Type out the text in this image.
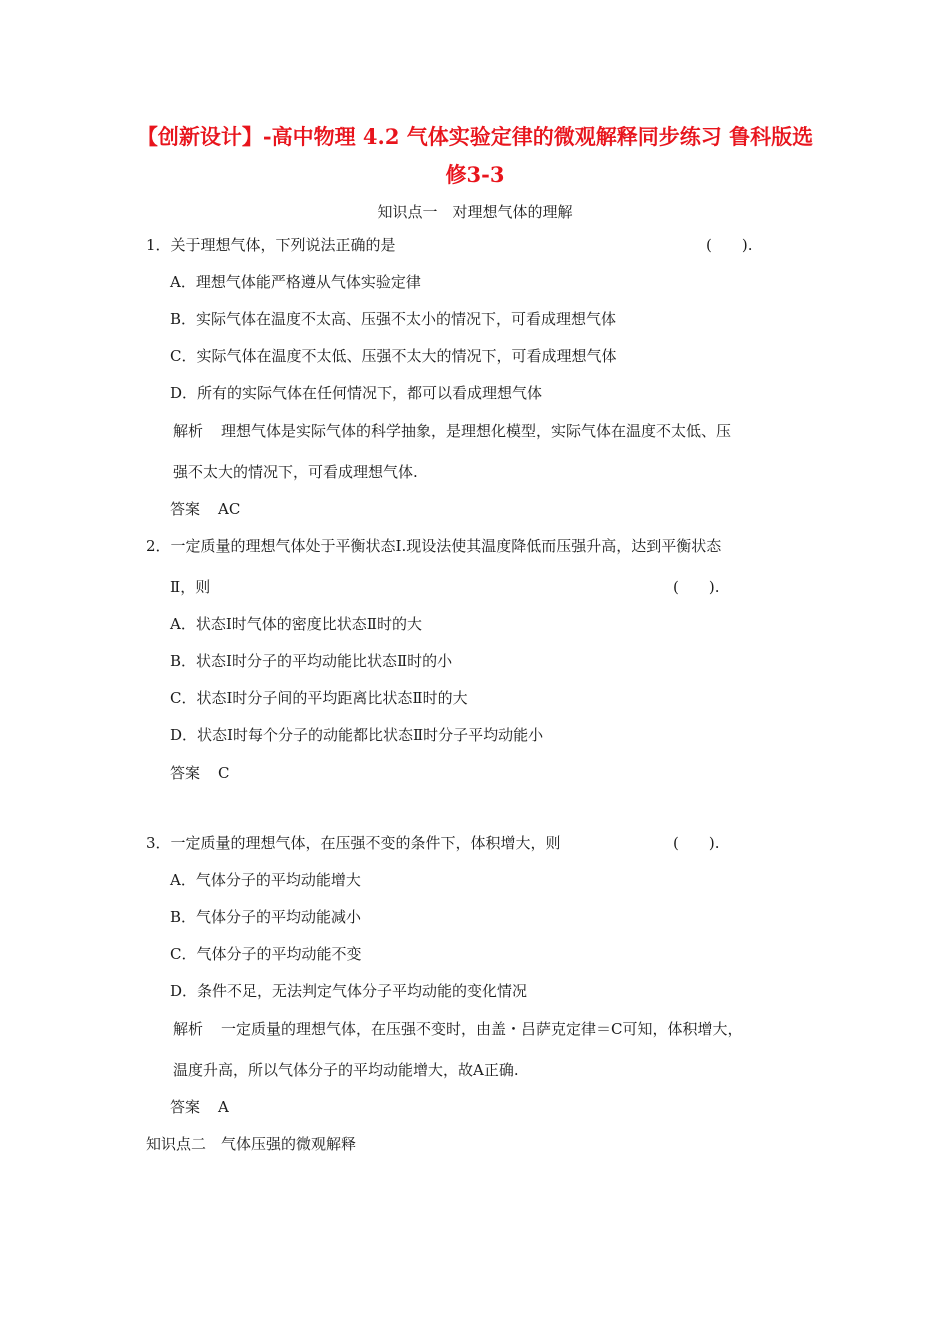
【创新设计】-高中物理 4.2 气体实验定律的微观解释同步练习 鲁科版选修3-3
知识点一　对理想气体的理解
1．关于理想气体，下列说法正确的是	(　　).
A．理想气体能严格遵从气体实验定律
B．实际气体在温度不太高、压强不太小的情况下，可看成理想气体
C．实际气体在温度不太低、压强不太大的情况下，可看成理想气体
D．所有的实际气体在任何情况下，都可以看成理想气体
解析 理想气体是实际气体的科学抽象，是理想化模型，实际气体在温度不太低、压
强不太大的情况下，可看成理想气体.
答案 AC
2．一定质量的理想气体处于平衡状态Ⅰ.现设法使其温度降低而压强升高，达到平衡状态
Ⅱ，则	(　　).
A．状态Ⅰ时气体的密度比状态Ⅱ时的大
B．状态Ⅰ时分子的平均动能比状态Ⅱ时的小
C．状态Ⅰ时分子间的平均距离比状态Ⅱ时的大
D．状态Ⅰ时每个分子的动能都比状态Ⅱ时分子平均动能小
答案 C
3．一定质量的理想气体，在压强不变的条件下，体积增大，则	(　　).
A．气体分子的平均动能增大
B．气体分子的平均动能减小
C．气体分子的平均动能不变
D．条件不足，无法判定气体分子平均动能的变化情况
解析 一定质量的理想气体，在压强不变时，由盖・吕萨克定律＝C可知，体积增大，
温度升高，所以气体分子的平均动能增大，故A正确.
答案 A
知识点二　气体压强的微观解释
